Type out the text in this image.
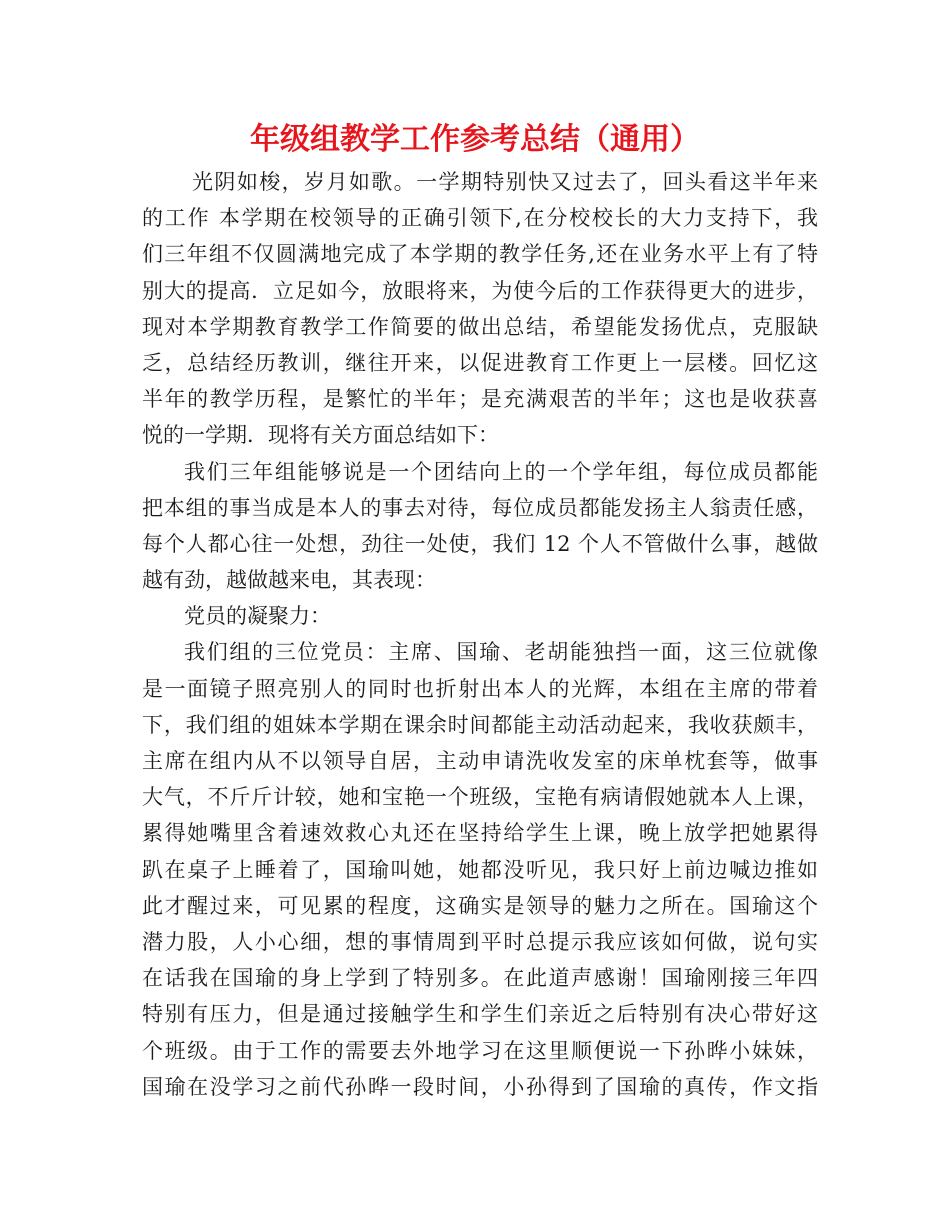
年级组教学工作参考总结（通用）
光阴如梭，岁月如歌。一学期特别快又过去了，回头看这半年来
的工作 本学期在校领导的正确引领下,在分校校长的大力支持下，我
们三年组不仅圆满地完成了本学期的教学任务,还在业务水平上有了特
别大的提高．立足如今，放眼将来，为使今后的工作获得更大的进步，
现对本学期教育教学工作简要的做出总结，希望能发扬优点，克服缺
乏，总结经历教训，继往开来，以促进教育工作更上一层楼。回忆这
半年的教学历程，是繁忙的半年；是充满艰苦的半年；这也是收获喜
悦的一学期．现将有关方面总结如下：
我们三年组能够说是一个团结向上的一个学年组，每位成员都能
把本组的事当成是本人的事去对待，每位成员都能发扬主人翁责任感，
每个人都心往一处想，劲往一处使，我们 12 个人不管做什么事，越做
越有劲，越做越来电，其表现：
党员的凝聚力：
我们组的三位党员：主席、国瑜、老胡能独挡一面，这三位就像
是一面镜子照亮别人的同时也折射出本人的光辉，本组在主席的带着
下，我们组的姐妹本学期在课余时间都能主动活动起来，我收获颇丰，
主席在组内从不以领导自居，主动申请洗收发室的床单枕套等，做事
大气，不斤斤计较，她和宝艳一个班级，宝艳有病请假她就本人上课，
累得她嘴里含着速效救心丸还在坚持给学生上课，晚上放学把她累得
趴在桌子上睡着了，国瑜叫她，她都没听见，我只好上前边喊边推如
此才醒过来，可见累的程度，这确实是领导的魅力之所在。国瑜这个
潜力股，人小心细，想的事情周到平时总提示我应该如何做，说句实
在话我在国瑜的身上学到了特别多。在此道声感谢！国瑜刚接三年四
特别有压力，但是通过接触学生和学生们亲近之后特别有决心带好这
个班级。由于工作的需要去外地学习在这里顺便说一下孙晔小妹妹，
国瑜在没学习之前代孙晔一段时间，小孙得到了国瑜的真传，作文指
